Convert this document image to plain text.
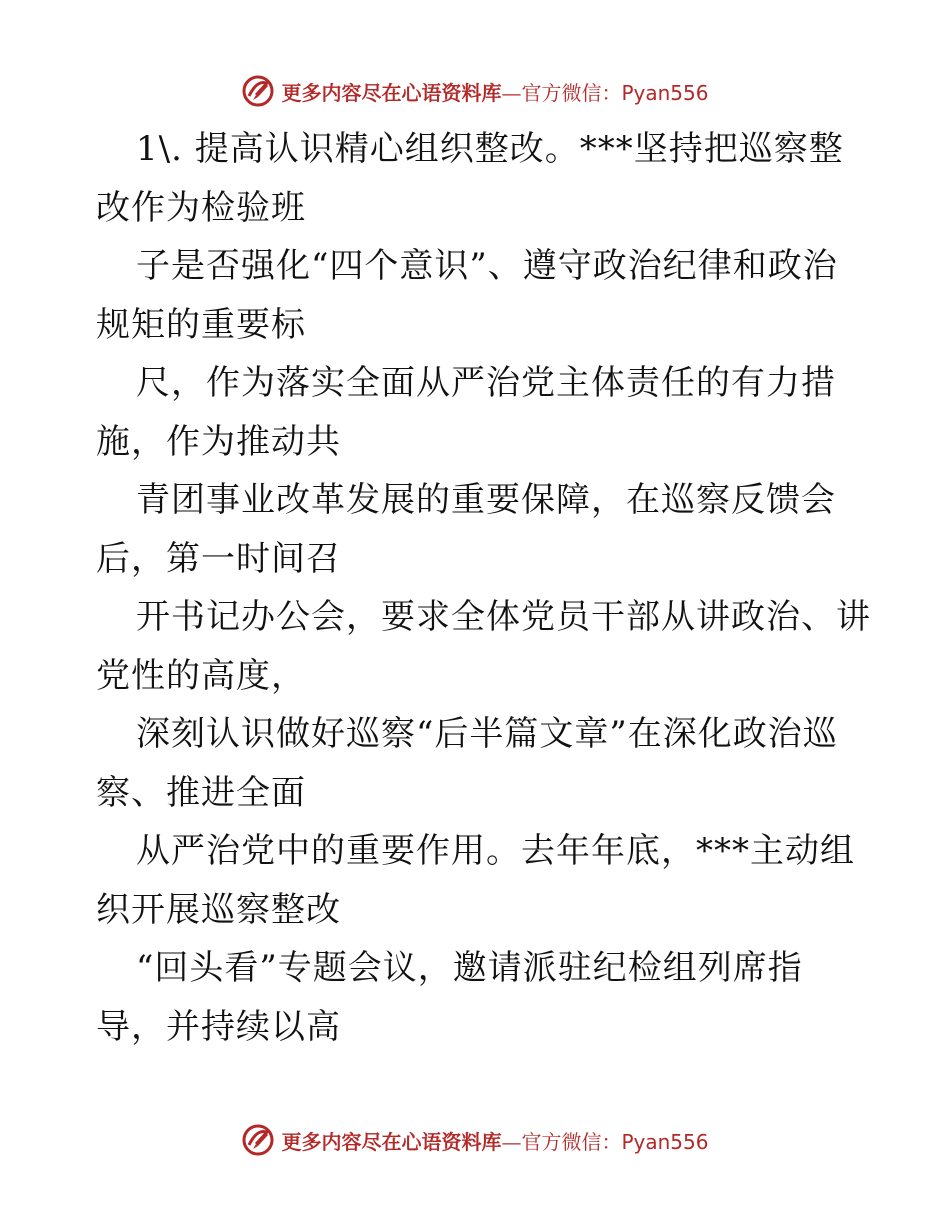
更多内容尽在心语资料库—官方微信：Pyan556
1\. 提高认识精心组织整改。***坚持把巡察整
改作为检验班
子是否强化“四个意识”、遵守政治纪律和政治
规矩的重要标
尺，作为落实全面从严治党主体责任的有力措
施，作为推动共
青团事业改革发展的重要保障，在巡察反馈会
后，第一时间召
开书记办公会，要求全体党员干部从讲政治、讲
党性的高度，
深刻认识做好巡察“后半篇文章”在深化政治巡
察、推进全面
从严治党中的重要作用。去年年底，***主动组
织开展巡察整改
“回头看”专题会议，邀请派驻纪检组列席指
导，并持续以高
更多内容尽在心语资料库—官方微信：Pyan556
